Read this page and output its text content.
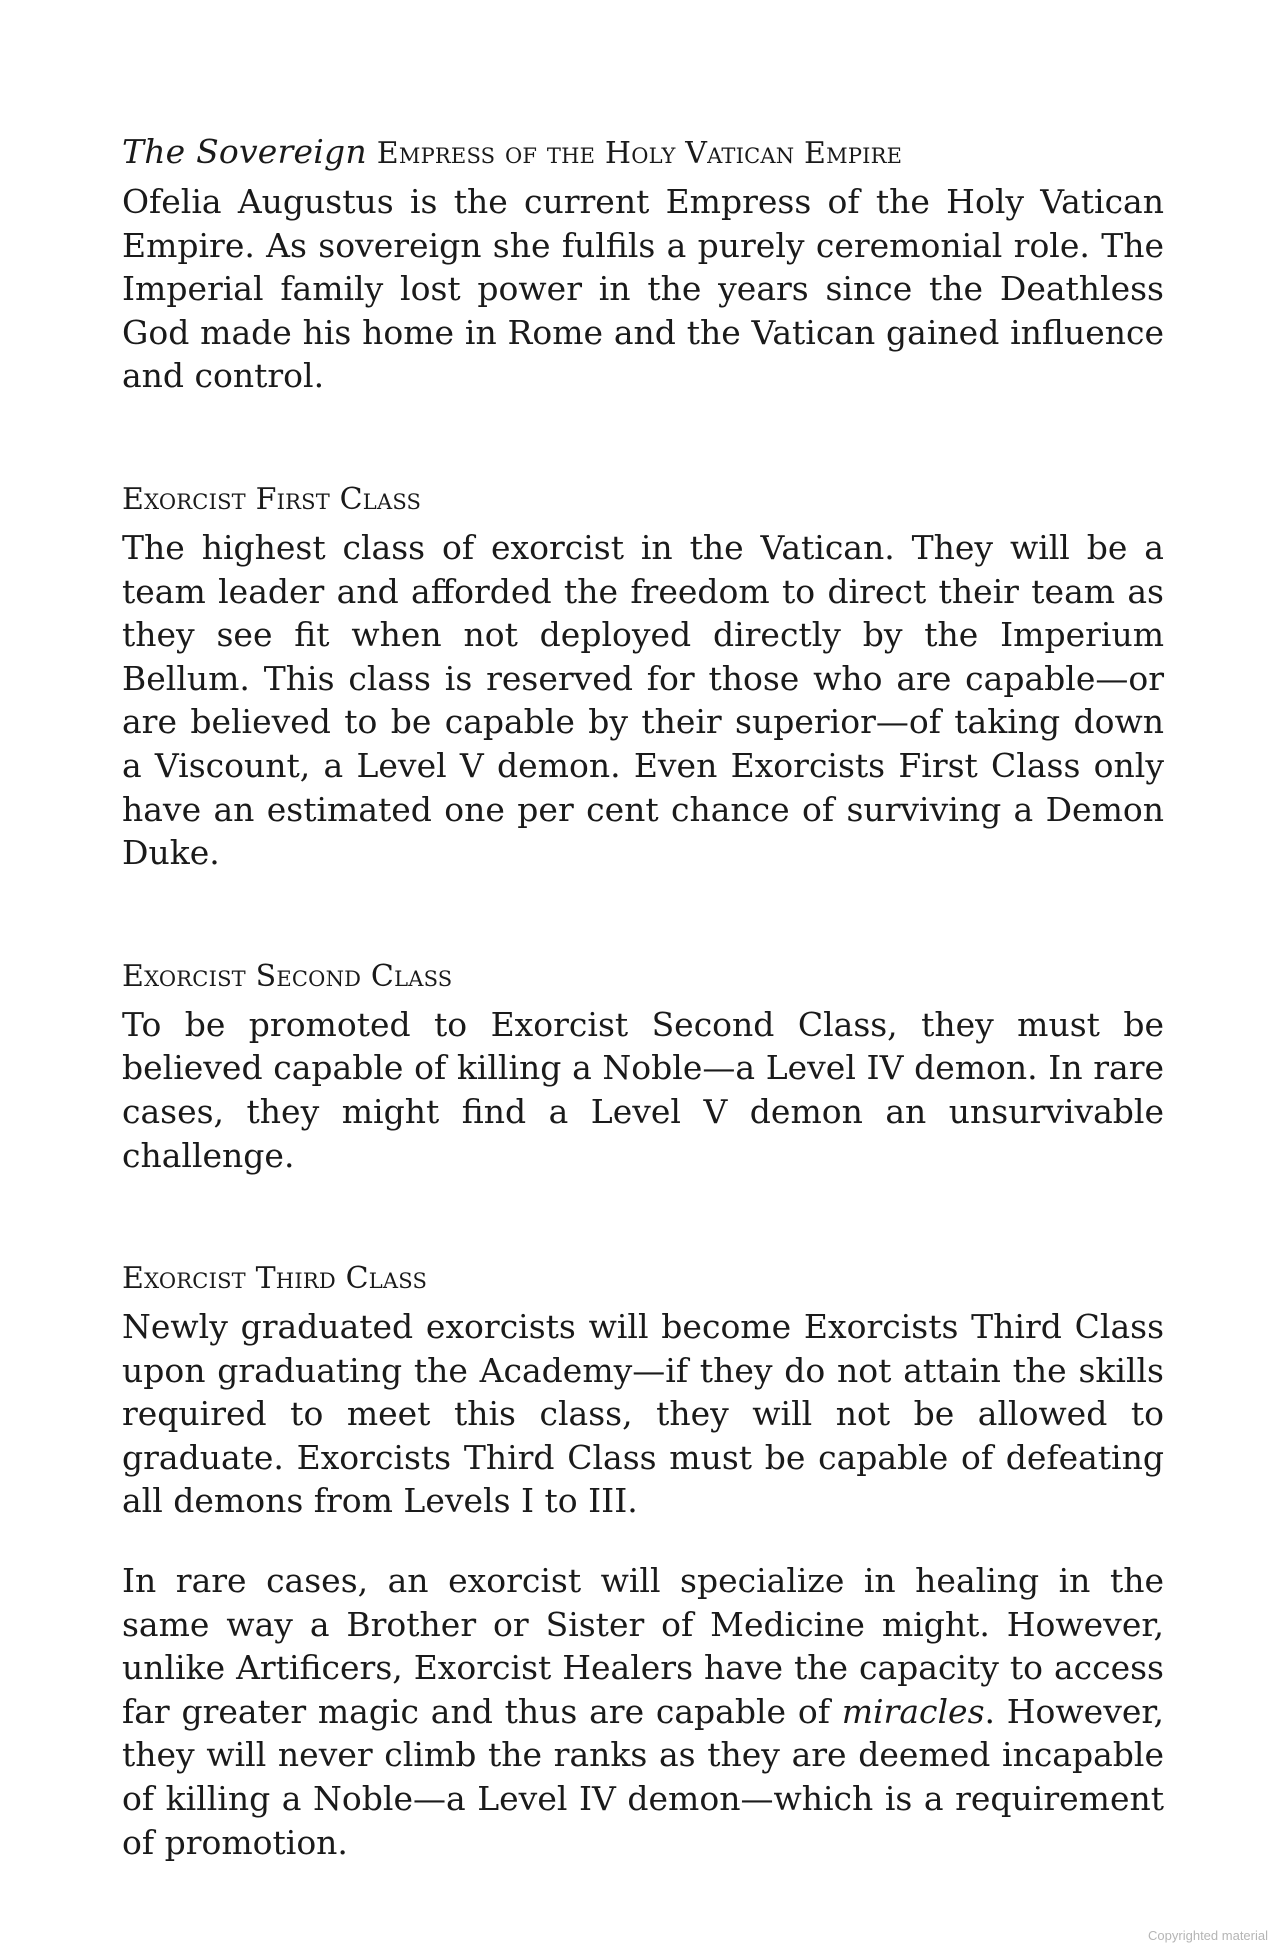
The Sovereign Empress of the Holy Vatican Empire

Ofelia Augustus is the current Empress of the Holy Vatican Empire. As sovereign she fulfils a purely ceremonial role. The Imperial family lost power in the years since the Deathless God made his home in Rome and the Vatican gained influence and control.

Exorcist First Class

The highest class of exorcist in the Vatican. They will be a team leader and afforded the freedom to direct their team as they see fit when not deployed directly by the Imperium Bellum. This class is reserved for those who are capable—or are believed to be capable by their superior—of taking down a Viscount, a Level V demon. Even Exorcists First Class only have an estimated one per cent chance of surviving a Demon Duke.

Exorcist Second Class

To be promoted to Exorcist Second Class, they must be believed capable of killing a Noble—a Level IV demon. In rare cases, they might find a Level V demon an unsurvivable challenge.

Exorcist Third Class

Newly graduated exorcists will become Exorcists Third Class upon graduating the Academy—if they do not attain the skills required to meet this class, they will not be allowed to graduate. Exorcists Third Class must be capable of defeating all demons from Levels I to III.

In rare cases, an exorcist will specialize in healing in the same way a Brother or Sister of Medicine might. However, unlike Artificers, Exorcist Healers have the capacity to access far greater magic and thus are capable of miracles. However, they will never climb the ranks as they are deemed incapable of killing a Noble—a Level IV demon—which is a requirement of promotion.

Copyrighted material
